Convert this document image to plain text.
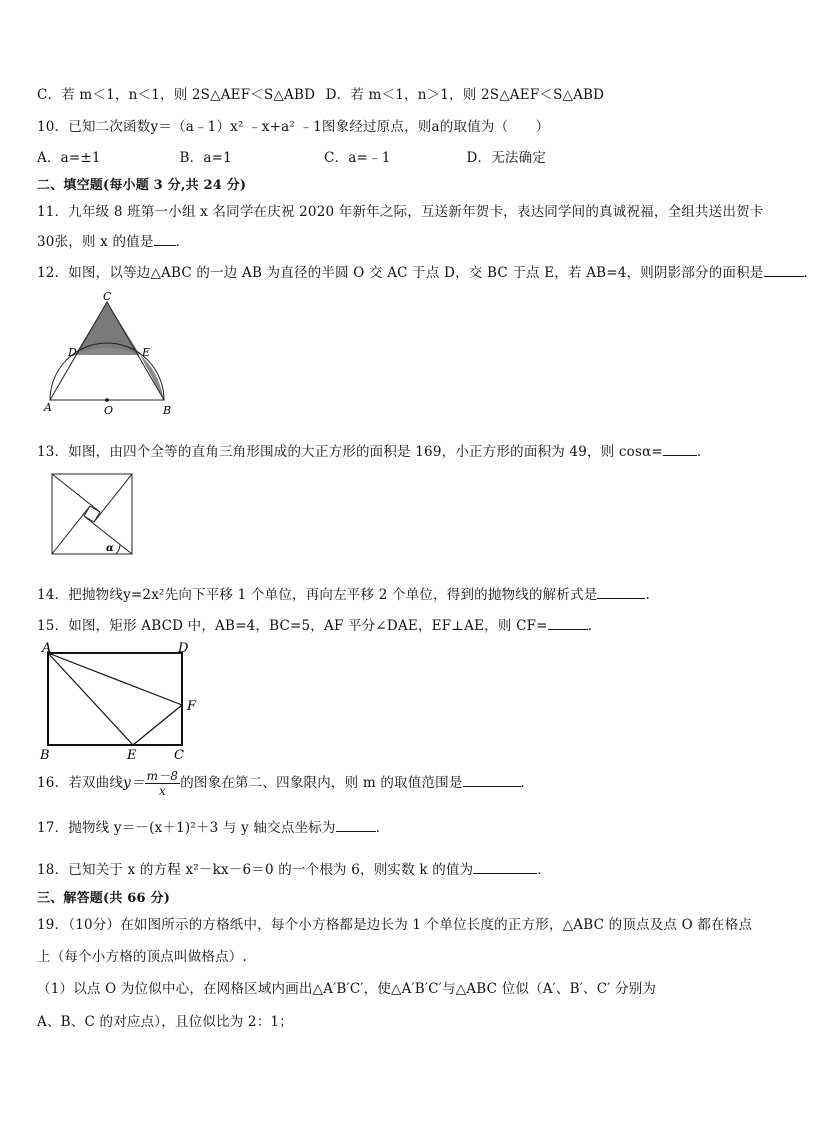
C．若 m＜1，n＜1，则 2S△AEF＜S△ABD D．若 m＜1，n＞1，则 2S△AEF＜S△ABD
10．已知二次函数y＝（a﹣1）x² ﹣x+a² ﹣1图象经过原点，则a的取值为（　　）
A．a=±1	B．a=1	C．a=﹣1	D．无法确定
二、填空题(每小题 3 分,共 24 分)
11．九年级 8 班第一小组 x 名同学在庆祝 2020 年新年之际，互送新年贺卡，表达同学间的真诚祝福，全组共送出贺卡
30张，则 x 的值是 ．
12．如图，以等边△ABC 的一边 AB 为直径的半圆 O 交 AC 于点 D，交 BC 于点 E，若 AB=4，则阴影部分的面积是	．
C
D	E
A	O	B
13．如图，由四个全等的直角三角形围成的大正方形的面积是 169，小正方形的面积为 49，则 cosα=	．
α
14．把抛物线y=2x²先向下平移 1 个单位，再向左平移 2 个单位，得到的抛物线的解析式是	.
15．如图，矩形 ABCD 中，AB=4，BC=5，AF 平分∠DAE，EF⊥AE，则 CF=	．
A	D
F
B	E	C
16．若双曲线$y= \frac{m-8}{x}$ 的图象在第二、四象限内，则 m 的取值范围是	．
17．抛物线 y＝－(x＋1)²＋3 与 y 轴交点坐标为	.
18．已知关于 x 的方程 x²－kx－6＝0 的一个根为 6，则实数 k 的值为	．
三、解答题(共 66 分)
19．（10分）在如图所示的方格纸中，每个小方格都是边长为 1 个单位长度的正方形，△ABC 的顶点及点 O 都在格点
上（每个小方格的顶点叫做格点）.
（1）以点 O 为位似中心，在网格区域内画出△A′B′C′，使△A′B′C′与△ABC 位似（A′、B′、C′ 分别为
A、B、C 的对应点），且位似比为 2：1；
